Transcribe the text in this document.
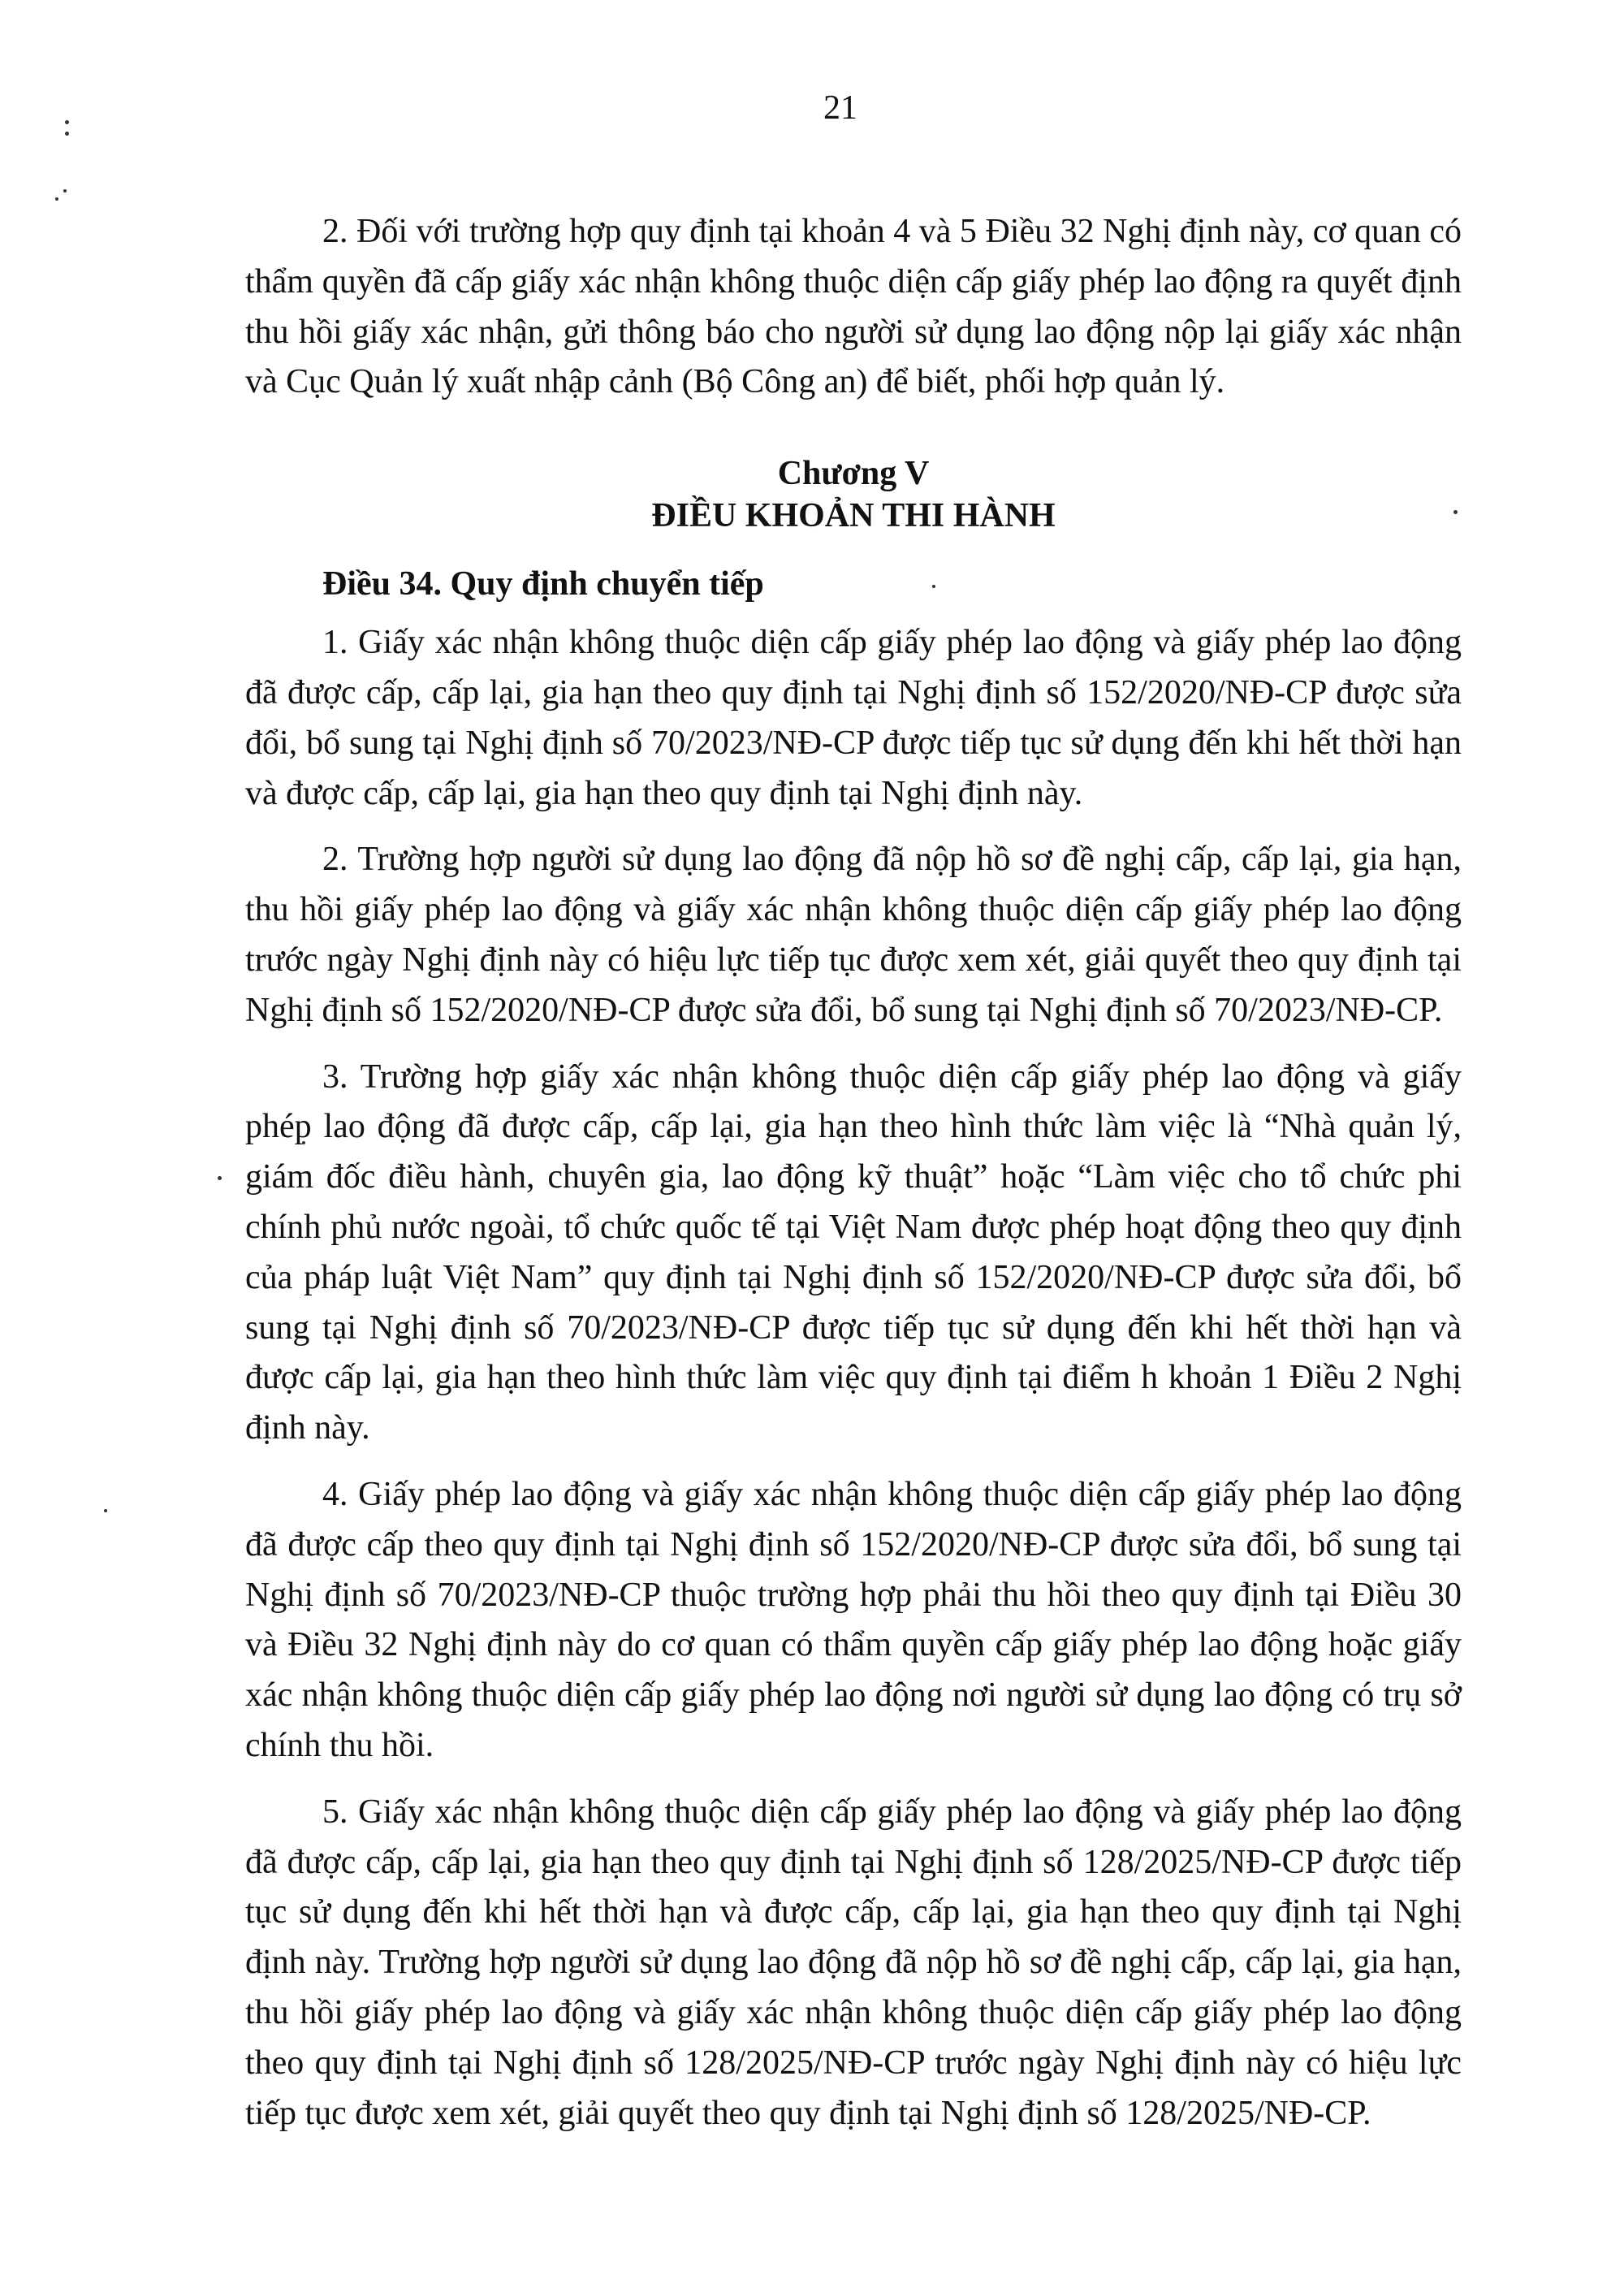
21

2. Đối với trường hợp quy định tại khoản 4 và 5 Điều 32 Nghị định này, cơ quan có thẩm quyền đã cấp giấy xác nhận không thuộc diện cấp giấy phép lao động ra quyết định thu hồi giấy xác nhận, gửi thông báo cho người sử dụng lao động nộp lại giấy xác nhận và Cục Quản lý xuất nhập cảnh (Bộ Công an) để biết, phối hợp quản lý.

Chương V

ĐIỀU KHOẢN THI HÀNH

Điều 34. Quy định chuyển tiếp

1. Giấy xác nhận không thuộc diện cấp giấy phép lao động và giấy phép lao động đã được cấp, cấp lại, gia hạn theo quy định tại Nghị định số 152/2020/NĐ-CP được sửa đổi, bổ sung tại Nghị định số 70/2023/NĐ-CP được tiếp tục sử dụng đến khi hết thời hạn và được cấp, cấp lại, gia hạn theo quy định tại Nghị định này.

2. Trường hợp người sử dụng lao động đã nộp hồ sơ đề nghị cấp, cấp lại, gia hạn, thu hồi giấy phép lao động và giấy xác nhận không thuộc diện cấp giấy phép lao động trước ngày Nghị định này có hiệu lực tiếp tục được xem xét, giải quyết theo quy định tại Nghị định số 152/2020/NĐ-CP được sửa đổi, bổ sung tại Nghị định số 70/2023/NĐ-CP.

3. Trường hợp giấy xác nhận không thuộc diện cấp giấy phép lao động và giấy phép lao động đã được cấp, cấp lại, gia hạn theo hình thức làm việc là “Nhà quản lý, giám đốc điều hành, chuyên gia, lao động kỹ thuật” hoặc “Làm việc cho tổ chức phi chính phủ nước ngoài, tổ chức quốc tế tại Việt Nam được phép hoạt động theo quy định của pháp luật Việt Nam” quy định tại Nghị định số 152/2020/NĐ-CP được sửa đổi, bổ sung tại Nghị định số 70/2023/NĐ-CP được tiếp tục sử dụng đến khi hết thời hạn và được cấp lại, gia hạn theo hình thức làm việc quy định tại điểm h khoản 1 Điều 2 Nghị định này.

4. Giấy phép lao động và giấy xác nhận không thuộc diện cấp giấy phép lao động đã được cấp theo quy định tại Nghị định số 152/2020/NĐ-CP được sửa đổi, bổ sung tại Nghị định số 70/2023/NĐ-CP thuộc trường hợp phải thu hồi theo quy định tại Điều 30 và Điều 32 Nghị định này do cơ quan có thẩm quyền cấp giấy phép lao động hoặc giấy xác nhận không thuộc diện cấp giấy phép lao động nơi người sử dụng lao động có trụ sở chính thu hồi.

5. Giấy xác nhận không thuộc diện cấp giấy phép lao động và giấy phép lao động đã được cấp, cấp lại, gia hạn theo quy định tại Nghị định số 128/2025/NĐ-CP được tiếp tục sử dụng đến khi hết thời hạn và được cấp, cấp lại, gia hạn theo quy định tại Nghị định này. Trường hợp người sử dụng lao động đã nộp hồ sơ đề nghị cấp, cấp lại, gia hạn, thu hồi giấy phép lao động và giấy xác nhận không thuộc diện cấp giấy phép lao động theo quy định tại Nghị định số 128/2025/NĐ-CP trước ngày Nghị định này có hiệu lực tiếp tục được xem xét, giải quyết theo quy định tại Nghị định số 128/2025/NĐ-CP.
